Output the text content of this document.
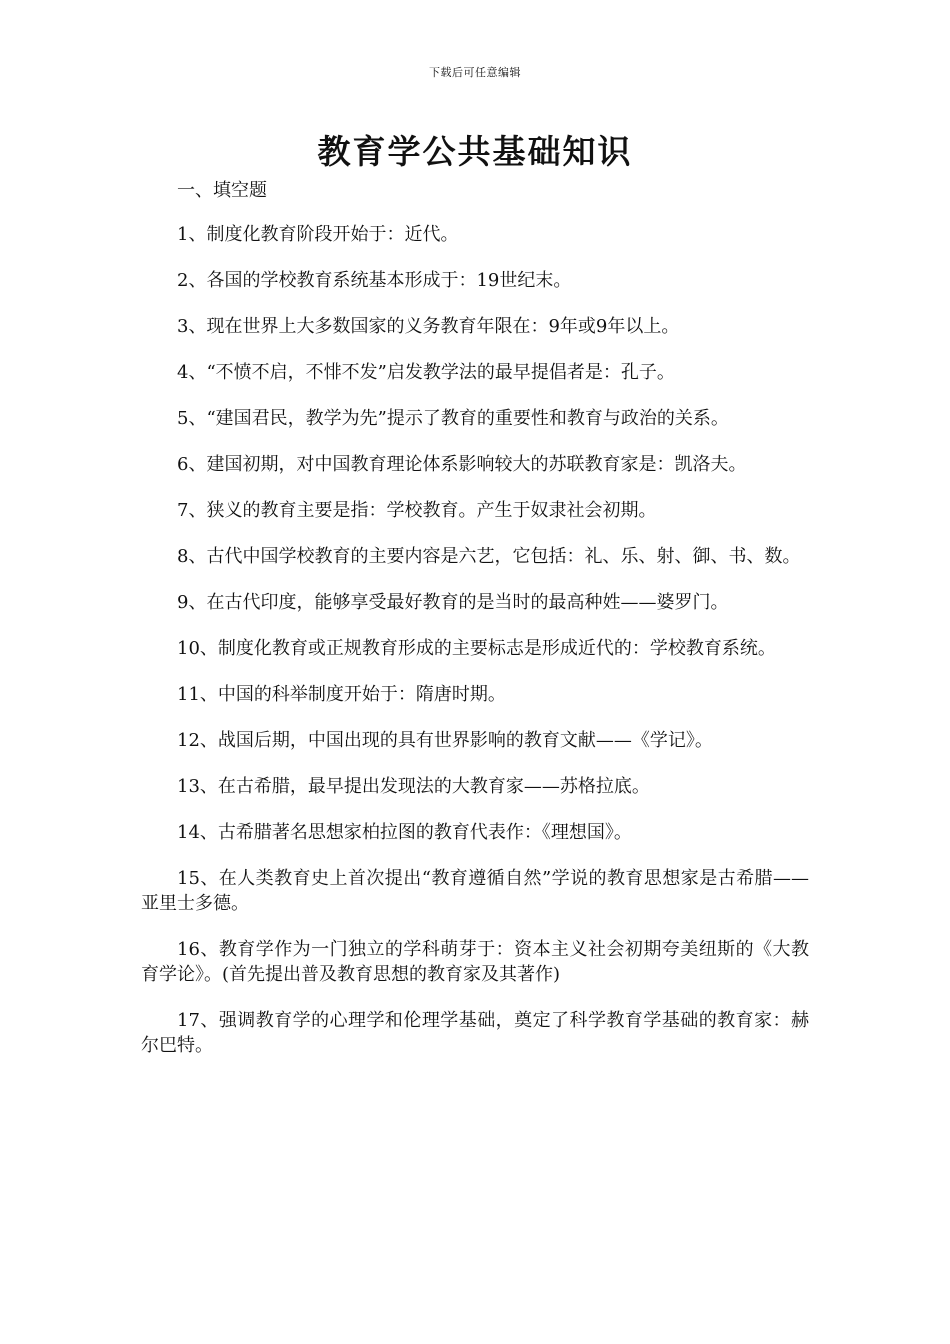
下载后可任意编辑
教育学公共基础知识
一、填空题

1、制度化教育阶段开始于：近代。

2、各国的学校教育系统基本形成于：19世纪末。

3、现在世界上大多数国家的义务教育年限在：9年或9年以上。

4、“不愤不启，不悱不发”启发教学法的最早提倡者是：孔子。

5、“建国君民，教学为先”提示了教育的重要性和教育与政治的关系。

6、建国初期，对中国教育理论体系影响较大的苏联教育家是：凯洛夫。

7、狭义的教育主要是指：学校教育。产生于奴隶社会初期。

8、古代中国学校教育的主要内容是六艺，它包括：礼、乐、射、御、书、数。

9、在古代印度，能够享受最好教育的是当时的最高种姓——婆罗门。

10、制度化教育或正规教育形成的主要标志是形成近代的：学校教育系统。

11、中国的科举制度开始于：隋唐时期。

12、战国后期，中国出现的具有世界影响的教育文献——《学记》。

13、在古希腊，最早提出发现法的大教育家——苏格拉底。

14、古希腊著名思想家柏拉图的教育代表作：《理想国》。

15、在人类教育史上首次提出“教育遵循自然”学说的教育思想家是古希腊——亚里士多德。

16、教育学作为一门独立的学科萌芽于：资本主义社会初期夸美纽斯的《大教育学论》。(首先提出普及教育思想的教育家及其著作)

17、强调教育学的心理学和伦理学基础，奠定了科学教育学基础的教育家：赫尔巴特。
